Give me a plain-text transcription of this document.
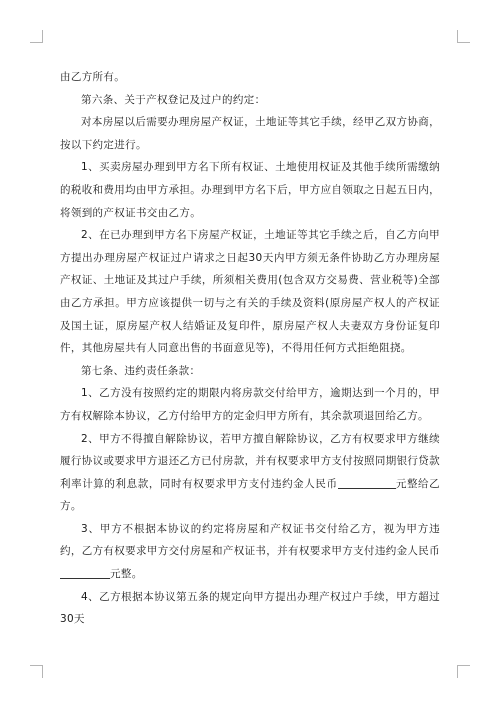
由乙方所有。

第六条、关于产权登记及过户的约定：

对本房屋以后需要办理房屋产权证，土地证等其它手续，经甲乙双方协商，按以下约定进行。

1、买卖房屋办理到甲方名下所有权证、土地使用权证及其他手续所需缴纳的税收和费用均由甲方承担。办理到甲方名下后，甲方应自领取之日起五日内，将领到的产权证书交由乙方。

2、在已办理到甲方名下房屋产权证，土地证等其它手续之后，自乙方向甲方提出办理房屋产权证过户请求之日起30天内甲方须无条件协助乙方办理房屋产权证、土地证及其过户手续，所须相关费用(包含双方交易费、营业税等)全部由乙方承担。甲方应该提供一切与之有关的手续及资料(原房屋产权人的产权证及国土证，原房屋产权人结婚证及复印件，原房屋产权人夫妻双方身份证复印件，其他房屋共有人同意出售的书面意见等)，不得用任何方式拒绝阻挠。

第七条、违约责任条款：

1、乙方没有按照约定的期限内将房款交付给甲方，逾期达到一个月的，甲方有权解除本协议，乙方付给甲方的定金归甲方所有，其余款项退回给乙方。

2、甲方不得擅自解除协议，若甲方擅自解除协议，乙方有权要求甲方继续履行协议或要求甲方退还乙方已付房款，并有权要求甲方支付按照同期银行贷款利率计算的利息款，同时有权要求甲方支付违约金人民币	元整给乙方。

3、甲方不根据本协议的约定将房屋和产权证书交付给乙方，视为甲方违约，乙方有权要求甲方交付房屋和产权证书，并有权要求甲方支付违约金人民币元整。

4、乙方根据本协议第五条的规定向甲方提出办理产权过户手续，甲方超过30天
